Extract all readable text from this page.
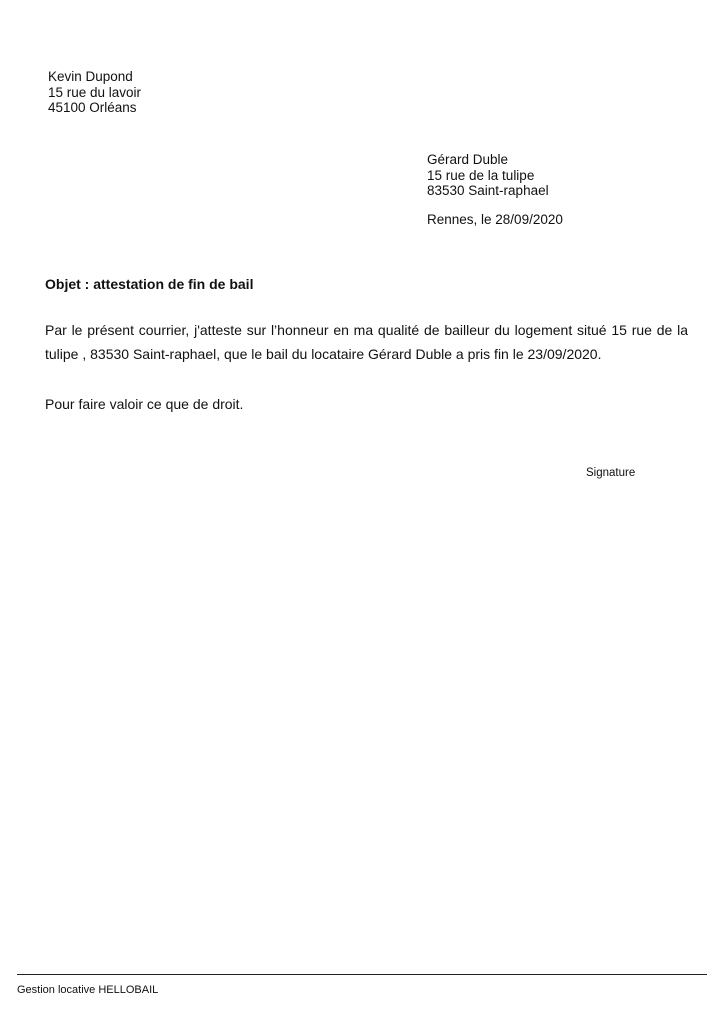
Kevin Dupond
15 rue du lavoir
45100 Orléans
Gérard Duble
15 rue de la tulipe
83530 Saint-raphael
Rennes, le 28/09/2020
Objet : attestation de fin de bail
Par le présent courrier, j'atteste sur l’honneur en ma qualité de bailleur du logement situé 15 rue de la tulipe , 83530 Saint-raphael, que le bail du locataire Gérard Duble a pris fin le 23/09/2020.
Pour faire valoir ce que de droit.
Signature
Gestion locative HELLOBAIL
